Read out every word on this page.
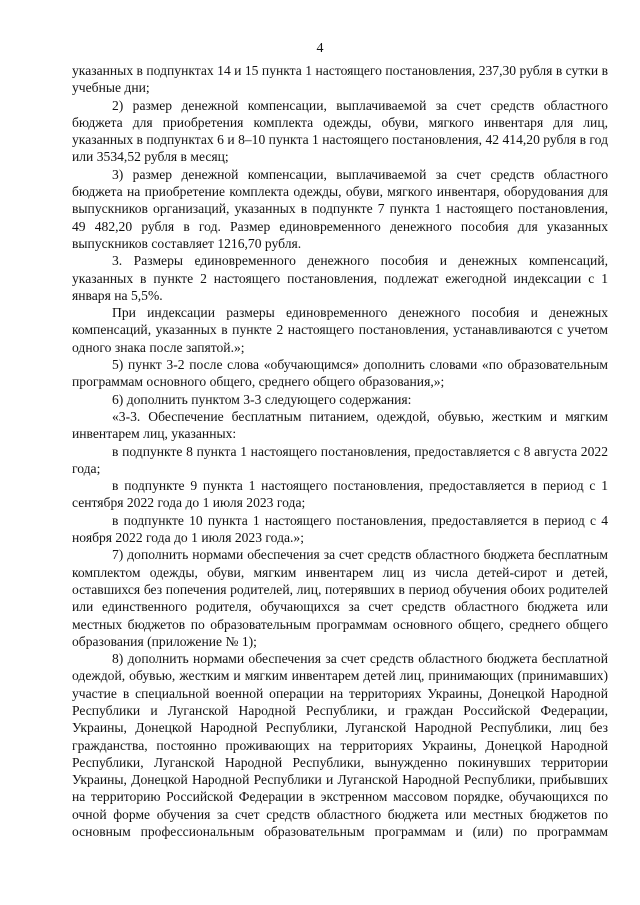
4

указанных в подпунктах 14 и 15 пункта 1 настоящего постановления, 237,30 рубля в сутки в учебные дни;

2) размер денежной компенсации, выплачиваемой за счет средств областного бюджета для приобретения комплекта одежды, обуви, мягкого инвентаря для лиц, указанных в подпунктах 6 и 8–10 пункта 1 настоящего постановления, 42 414,20 рубля в год или 3534,52 рубля в месяц;

3) размер денежной компенсации, выплачиваемой за счет средств областного бюджета на приобретение комплекта одежды, обуви, мягкого инвентаря, оборудования для выпускников организаций, указанных в подпункте 7 пункта 1 настоящего постановления, 49 482,20 рубля в год. Размер единовременного денежного пособия для указанных выпускников составляет 1216,70 рубля.

3. Размеры единовременного денежного пособия и денежных компенсаций, указанных в пункте 2 настоящего постановления, подлежат ежегодной индексации с 1 января на 5,5%.

При индексации размеры единовременного денежного пособия и денежных компенсаций, указанных в пункте 2 настоящего постановления, устанавливаются с учетом одного знака после запятой.»;

5) пункт 3-2 после слова «обучающимся» дополнить словами «по образовательным программам основного общего, среднего общего образования,»;

6) дополнить пунктом 3-3 следующего содержания:

«3-3. Обеспечение бесплатным питанием, одеждой, обувью, жестким и мягким инвентарем лиц, указанных:

в подпункте 8 пункта 1 настоящего постановления, предоставляется с 8 августа 2022 года;

в подпункте 9 пункта 1 настоящего постановления, предоставляется в период с 1 сентября 2022 года до 1 июля 2023 года;

в подпункте 10 пункта 1 настоящего постановления, предоставляется в период с 4 ноября 2022 года до 1 июля 2023 года.»;

7) дополнить нормами обеспечения за счет средств областного бюджета бесплатным комплектом одежды, обуви, мягким инвентарем лиц из числа детей-сирот и детей, оставшихся без попечения родителей, лиц, потерявших в период обучения обоих родителей или единственного родителя, обучающихся за счет средств областного бюджета или местных бюджетов по образовательным программам основного общего, среднего общего образования (приложение № 1);

8) дополнить нормами обеспечения за счет средств областного бюджета бесплатной одеждой, обувью, жестким и мягким инвентарем детей лиц, принимающих (принимавших) участие в специальной военной операции на территориях Украины, Донецкой Народной Республики и Луганской Народной Республики, и граждан Российской Федерации, Украины, Донецкой Народной Республики, Луганской Народной Республики, лиц без гражданства, постоянно проживающих на территориях Украины, Донецкой Народной Республики, Луганской Народной Республики, вынужденно покинувших территории Украины, Донецкой Народной Республики и Луганской Народной Республики, прибывших на территорию Российской Федерации в экстренном массовом порядке, обучающихся по очной форме обучения за счет средств областного бюджета или местных бюджетов по основным профессиональным образовательным программам и (или) по программам
